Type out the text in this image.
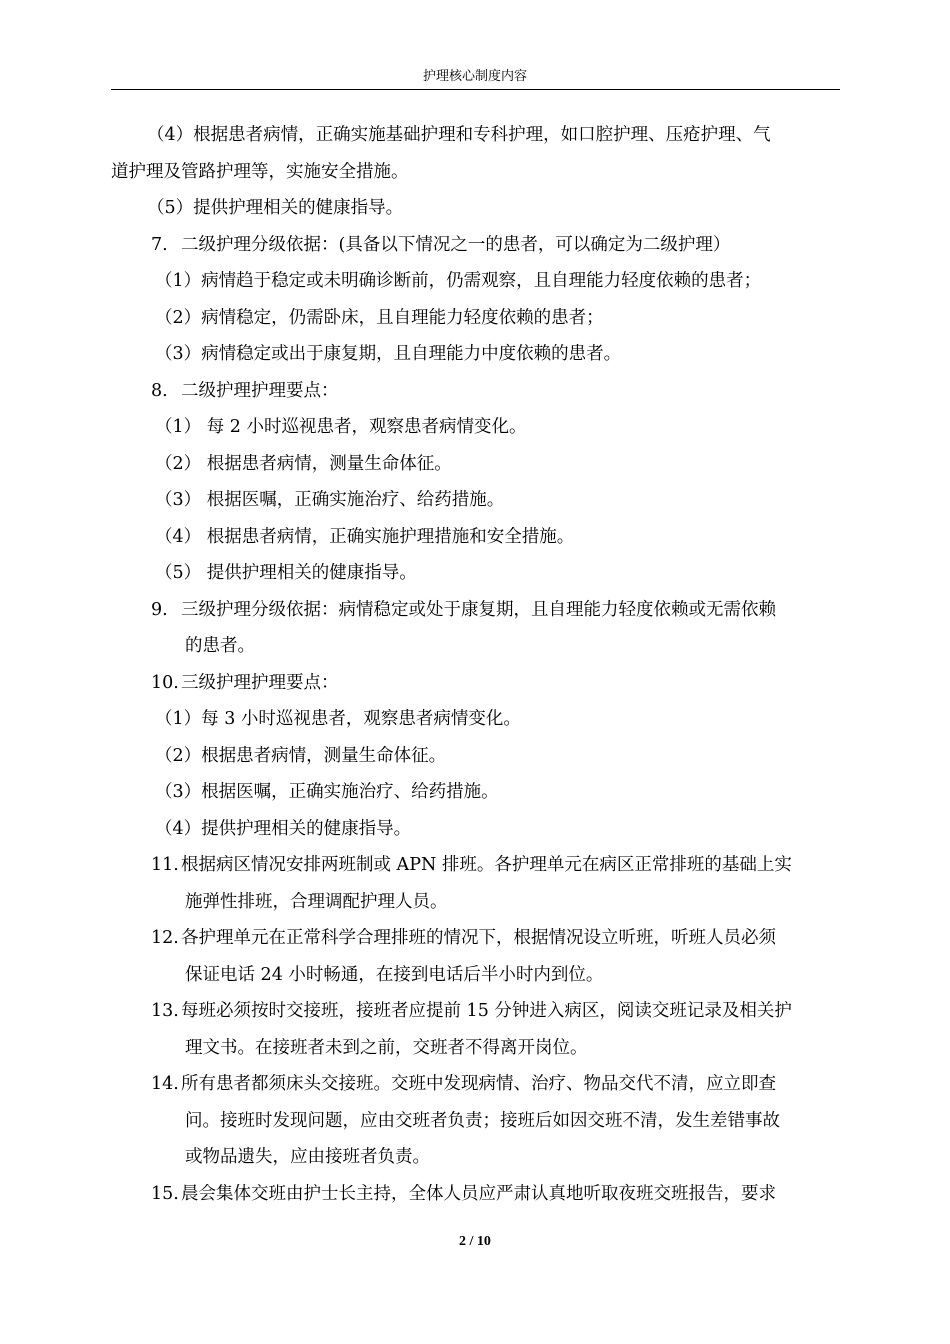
护理核心制度内容
（4）根据患者病情，正确实施基础护理和专科护理，如口腔护理、压疮护理、气
道护理及管路护理等，实施安全措施。
（5）提供护理相关的健康指导。
7. 二级护理分级依据：(具备以下情况之一的患者，可以确定为二级护理）
（1）病情趋于稳定或未明确诊断前，仍需观察，且自理能力轻度依赖的患者；
（2）病情稳定，仍需卧床，且自理能力轻度依赖的患者；
（3）病情稳定或出于康复期，且自理能力中度依赖的患者。
8. 二级护理护理要点：
（1） 每 2 小时巡视患者，观察患者病情变化。
（2） 根据患者病情，测量生命体征。
（3） 根据医嘱，正确实施治疗、给药措施。
（4） 根据患者病情，正确实施护理措施和安全措施。
（5） 提供护理相关的健康指导。
9. 三级护理分级依据：病情稳定或处于康复期，且自理能力轻度依赖或无需依赖
的患者。
10. 三级护理护理要点：
（1）每 3 小时巡视患者，观察患者病情变化。
（2）根据患者病情，测量生命体征。
（3）根据医嘱，正确实施治疗、给药措施。
（4）提供护理相关的健康指导。
11. 根据病区情况安排两班制或 APN 排班。各护理单元在病区正常排班的基础上实
施弹性排班，合理调配护理人员。
12. 各护理单元在正常科学合理排班的情况下，根据情况设立听班，听班人员必须
保证电话 24 小时畅通，在接到电话后半小时内到位。
13. 每班必须按时交接班，接班者应提前 15 分钟进入病区，阅读交班记录及相关护
理文书。在接班者未到之前，交班者不得离开岗位。
14. 所有患者都须床头交接班。交班中发现病情、治疗、物品交代不清，应立即查
问。接班时发现问题，应由交班者负责；接班后如因交班不清，发生差错事故
或物品遗失，应由接班者负责。
15. 晨会集体交班由护士长主持，全体人员应严肃认真地听取夜班交班报告，要求
2 / 10
